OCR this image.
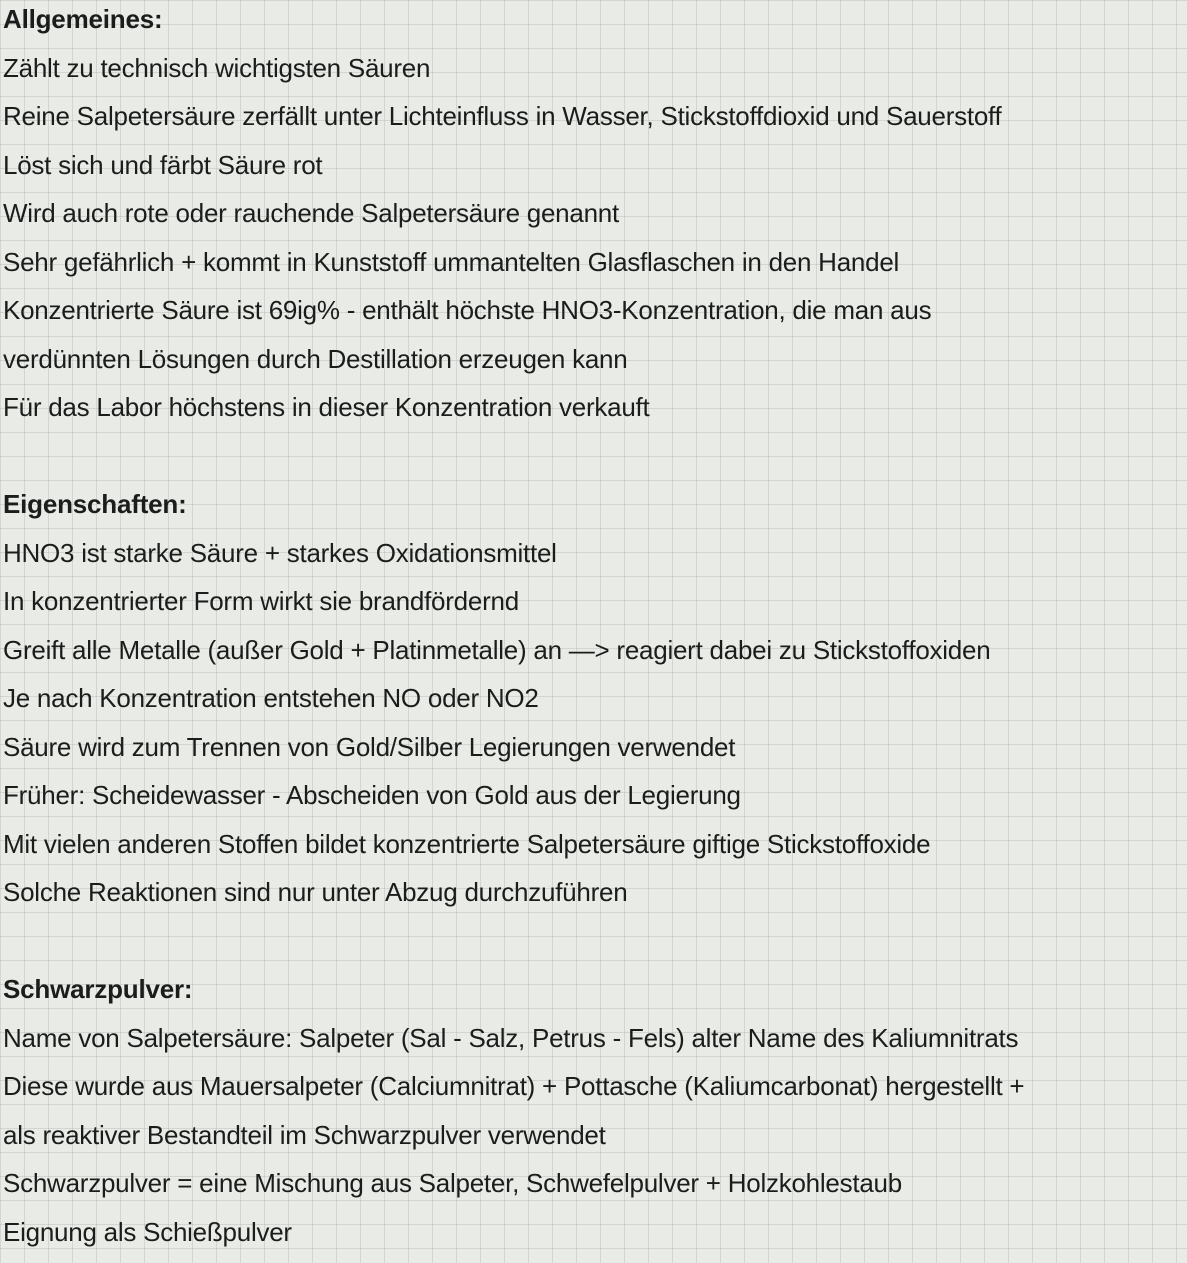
Allgemeines:
Zählt zu technisch wichtigsten Säuren
Reine Salpetersäure zerfällt unter Lichteinfluss in Wasser, Stickstoffdioxid und Sauerstoff
Löst sich und färbt Säure rot
Wird auch rote oder rauchende Salpetersäure genannt
Sehr gefährlich + kommt in Kunststoff ummantelten Glasflaschen in den Handel
Konzentrierte Säure ist 69ig% - enthält höchste HNO3-Konzentration, die man aus
verdünnten Lösungen durch Destillation erzeugen kann
Für das Labor höchstens in dieser Konzentration verkauft
Eigenschaften:
HNO3 ist starke Säure + starkes Oxidationsmittel
In konzentrierter Form wirkt sie brandfördernd
Greift alle Metalle (außer Gold + Platinmetalle) an —> reagiert dabei zu Stickstoffoxiden
Je nach Konzentration entstehen NO oder NO2
Säure wird zum Trennen von Gold/Silber Legierungen verwendet
Früher: Scheidewasser - Abscheiden von Gold aus der Legierung
Mit vielen anderen Stoffen bildet konzentrierte Salpetersäure giftige Stickstoffoxide
Solche Reaktionen sind nur unter Abzug durchzuführen
Schwarzpulver:
Name von Salpetersäure: Salpeter (Sal - Salz, Petrus - Fels) alter Name des Kaliumnitrats
Diese wurde aus Mauersalpeter (Calciumnitrat) + Pottasche (Kaliumcarbonat) hergestellt +
als reaktiver Bestandteil im Schwarzpulver verwendet
Schwarzpulver = eine Mischung aus Salpeter, Schwefelpulver + Holzkohlestaub
Eignung als Schießpulver
